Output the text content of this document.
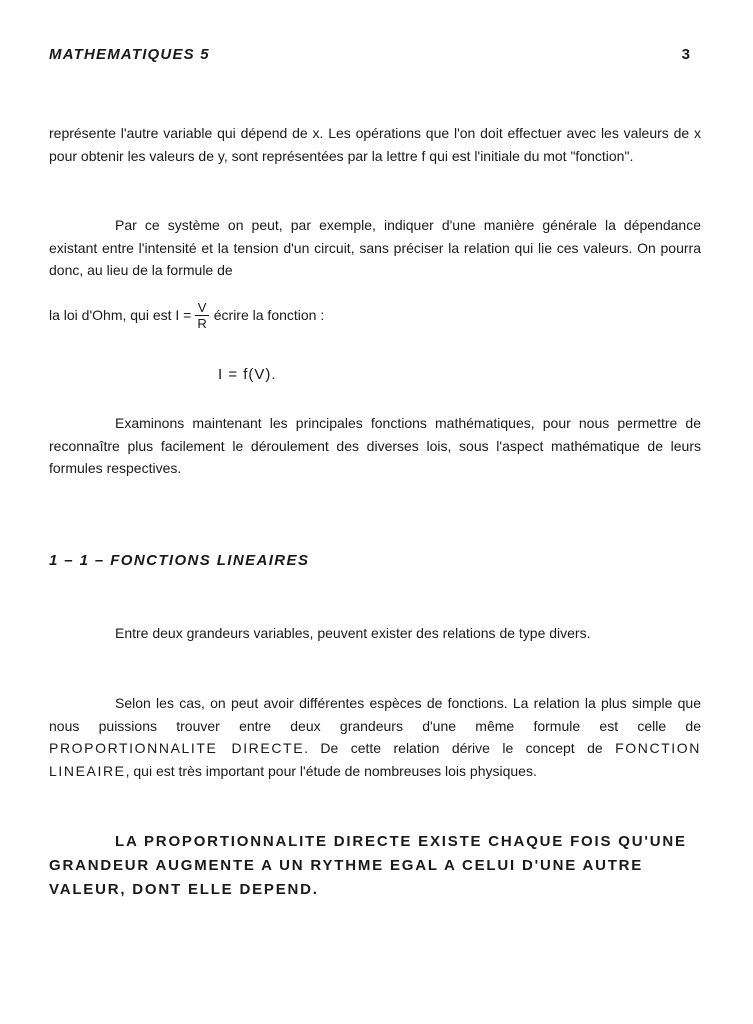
MATHEMATIQUES 5	3

représente l'autre variable qui dépend de x. Les opérations que l'on doit effectuer avec les valeurs de x pour obtenir les valeurs de y, sont représentées par la lettre f qui est l'initiale du mot "fonction".

Par ce système on peut, par exemple, indiquer d'une manière générale la dépendance existant entre l'intensité et la tension d'un circuit, sans préciser la relation qui lie ces valeurs. On pourra donc, au lieu de la formule de

la loi d'Ohm, qui est $I = \frac{V}{R}$ écrire la fonction :
I = f(V).

Examinons maintenant les principales fonctions mathématiques, pour nous permettre de reconnaître plus facilement le déroulement des diverses lois, sous l'aspect mathématique de leurs formules respectives.

1 – 1 – FONCTIONS LINEAIRES

Entre deux grandeurs variables, peuvent exister des relations de type divers.

Selon les cas, on peut avoir différentes espèces de fonctions. La relation la plus simple que nous puissions trouver entre deux grandeurs d'une même formule est celle de PROPORTIONNALITE DIRECTE. De cette relation dérive le concept de FONCTION LINEAIRE, qui est très important pour l'étude de nombreuses lois physiques.

LA PROPORTIONNALITE DIRECTE EXISTE CHAQUE FOIS QU'UNE GRANDEUR AUGMENTE A UN RYTHME EGAL A CELUI D'UNE AUTRE VALEUR, DONT ELLE DEPEND.
